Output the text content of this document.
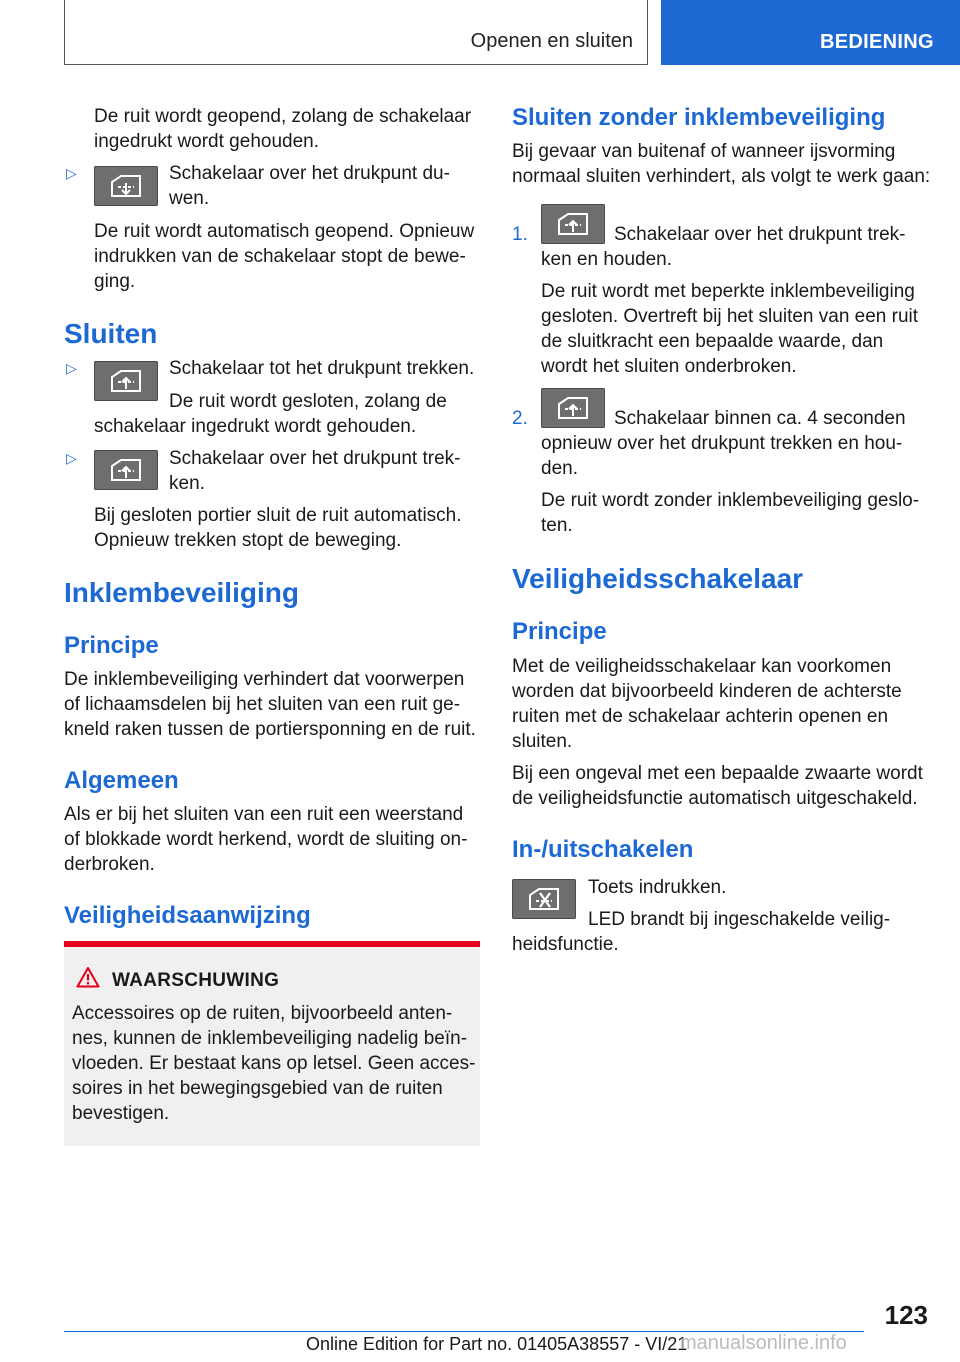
Openen en sluiten	BEDIENING
De ruit wordt geopend, zolang de schakelaar
ingedrukt wordt gehouden.
▷	Schakelaar over het drukpunt du-
wen.
De ruit wordt automatisch geopend. Opnieuw
indrukken van de schakelaar stopt de bewe-
ging.
Sluiten
▷	Schakelaar tot het drukpunt trekken.
De ruit wordt gesloten, zolang de
schakelaar ingedrukt wordt gehouden.
▷	Schakelaar over het drukpunt trek-
ken.
Bij gesloten portier sluit de ruit automatisch.
Opnieuw trekken stopt de beweging.
Inklembeveiliging
Principe
De inklembeveiliging verhindert dat voorwerpen
of lichaamsdelen bij het sluiten van een ruit ge-
kneld raken tussen de portiersponning en de ruit.
Algemeen
Als er bij het sluiten van een ruit een weerstand
of blokkade wordt herkend, wordt de sluiting on-
derbroken.
Veiligheidsaanwijzing
WAARSCHUWING
Accessoires op de ruiten, bijvoorbeeld anten-
nes, kunnen de inklembeveiliging nadelig beïn-
vloeden. Er bestaat kans op letsel. Geen acces-
soires in het bewegingsgebied van de ruiten
bevestigen.
Sluiten zonder inklembeveiliging
Bij gevaar van buitenaf of wanneer ijsvorming
normaal sluiten verhindert, als volgt te werk gaan:
1.	Schakelaar over het drukpunt trek-
ken en houden.
De ruit wordt met beperkte inklembeveiliging
gesloten. Overtreft bij het sluiten van een ruit
de sluitkracht een bepaalde waarde, dan
wordt het sluiten onderbroken.
2.	Schakelaar binnen ca. 4 seconden
opnieuw over het drukpunt trekken en hou-
den.
De ruit wordt zonder inklembeveiliging geslo-
ten.
Veiligheidsschakelaar
Principe
Met de veiligheidsschakelaar kan voorkomen
worden dat bijvoorbeeld kinderen de achterste
ruiten met de schakelaar achterin openen en
sluiten.
Bij een ongeval met een bepaalde zwaarte wordt
de veiligheidsfunctie automatisch uitgeschakeld.
In-/uitschakelen
Toets indrukken.
LED brandt bij ingeschakelde veilig-
heidsfunctie.
123
Online Edition for Part no. 01405A38557 - VI/21
manualsonline.info
